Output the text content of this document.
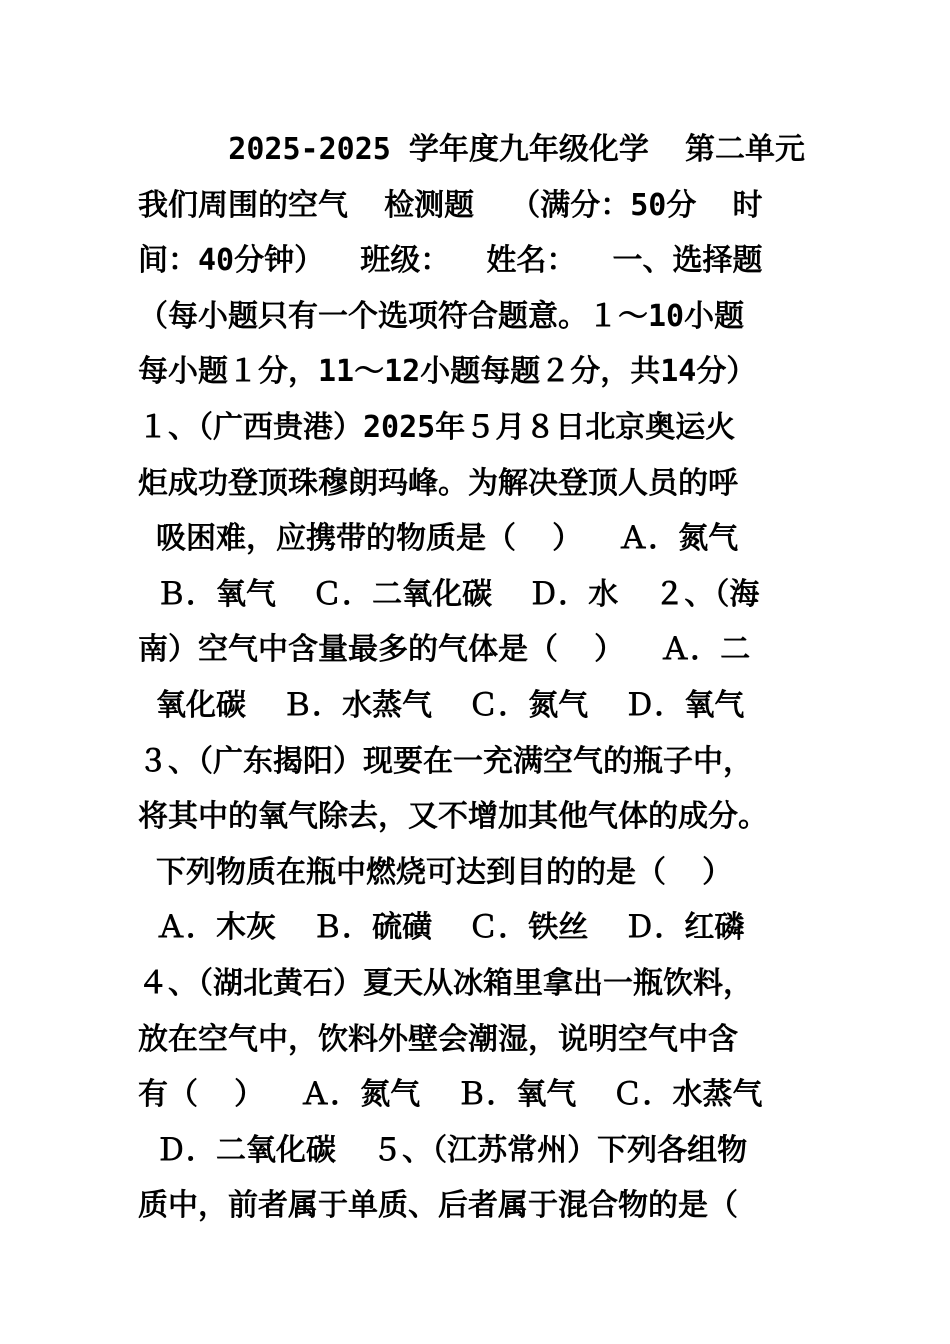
2025-2025 学年度九年级化学  第二单元
我们周围的空气  检测题  （满分：50分  时
间：40分钟）  班级：  姓名：  一、选择题
（每小题只有一个选项符合题意。１～10小题
每小题１分，11～12小题每题２分，共14分）
１、（广西贵港）2025年５月８日北京奥运火
炬成功登顶珠穆朗玛峰。为解决登顶人员的呼
吸困难，应携带的物质是（  ）  Ａ．氮气
Ｂ．氧气  Ｃ．二氧化碳  Ｄ．水  ２、（海
南）空气中含量最多的气体是（  ）  Ａ．二
氧化碳  Ｂ．水蒸气  Ｃ．氮气  Ｄ．氧气
３、（广东揭阳）现要在一充满空气的瓶子中，
将其中的氧气除去，又不增加其他气体的成分。
下列物质在瓶中燃烧可达到目的的是（  ）
Ａ．木灰  Ｂ．硫磺  Ｃ．铁丝  Ｄ．红磷
４、（湖北黄石）夏天从冰箱里拿出一瓶饮料，
放在空气中，饮料外壁会潮湿，说明空气中含
有（  ）  Ａ．氮气  Ｂ．氧气  Ｃ．水蒸气
Ｄ．二氧化碳  ５、（江苏常州）下列各组物
质中，前者属于单质、后者属于混合物的是（
